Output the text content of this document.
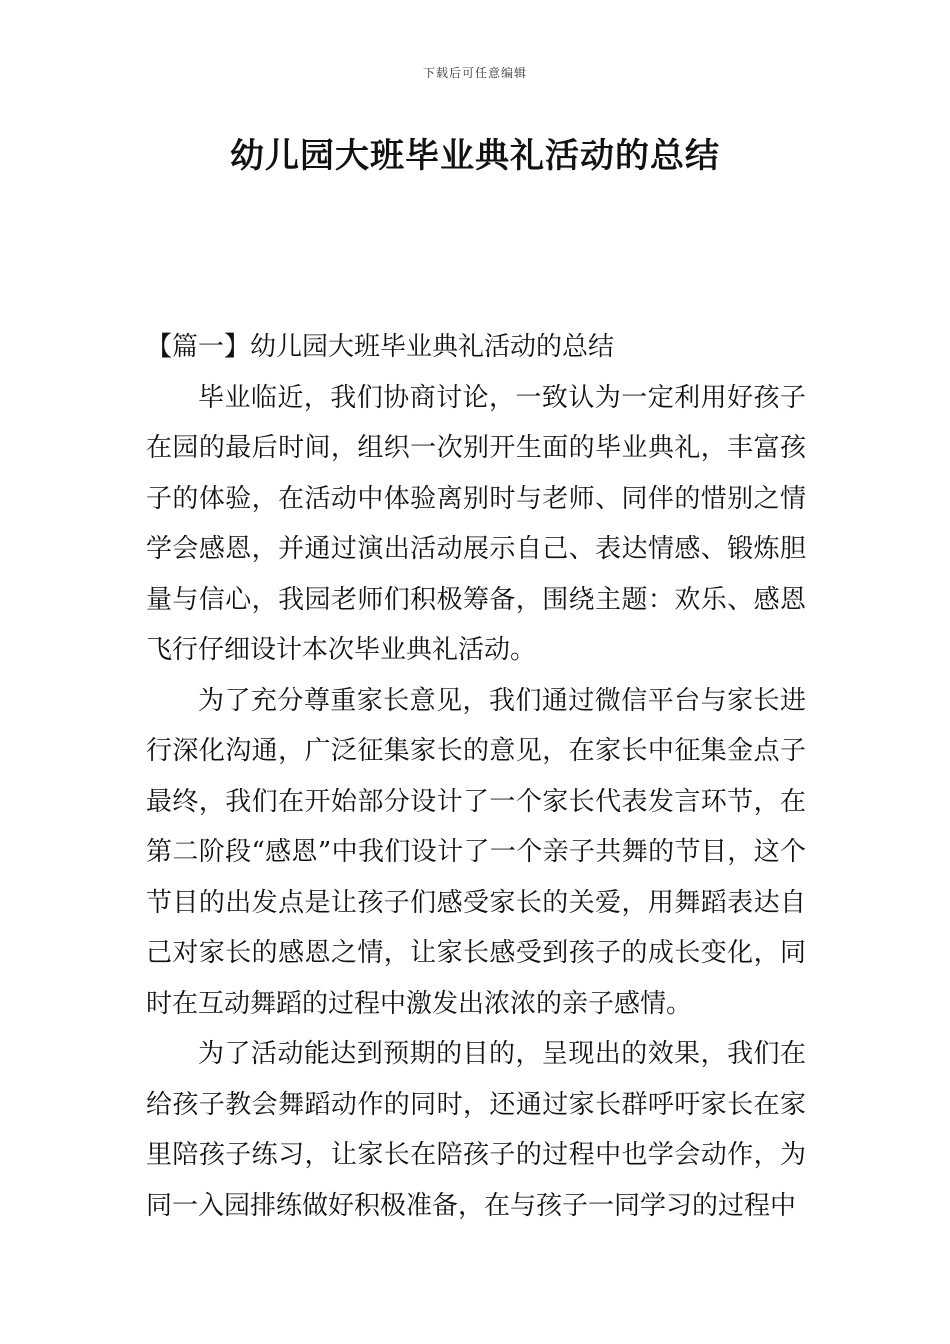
下载后可任意编辑
幼儿园大班毕业典礼活动的总结

【篇一】幼儿园大班毕业典礼活动的总结

毕业临近，我们协商讨论，一致认为一定利用好孩子在园的最后时间，组织一次别开生面的毕业典礼，丰富孩子的体验，在活动中体验离别时与老师、同伴的惜别之情学会感恩，并通过演出活动展示自己、表达情感、锻炼胆量与信心，我园老师们积极筹备，围绕主题：欢乐、感恩飞行仔细设计本次毕业典礼活动。

为了充分尊重家长意见，我们通过微信平台与家长进行深化沟通，广泛征集家长的意见，在家长中征集金点子最终，我们在开始部分设计了一个家长代表发言环节，在第二阶段“感恩”中我们设计了一个亲子共舞的节目，这个节目的出发点是让孩子们感受家长的关爱，用舞蹈表达自己对家长的感恩之情，让家长感受到孩子的成长变化，同时在互动舞蹈的过程中激发出浓浓的亲子感情。

为了活动能达到预期的目的，呈现出的效果，我们在给孩子教会舞蹈动作的同时，还通过家长群呼吁家长在家里陪孩子练习，让家长在陪孩子的过程中也学会动作，为同一入园排练做好积极准备，在与孩子一同学习的过程中
